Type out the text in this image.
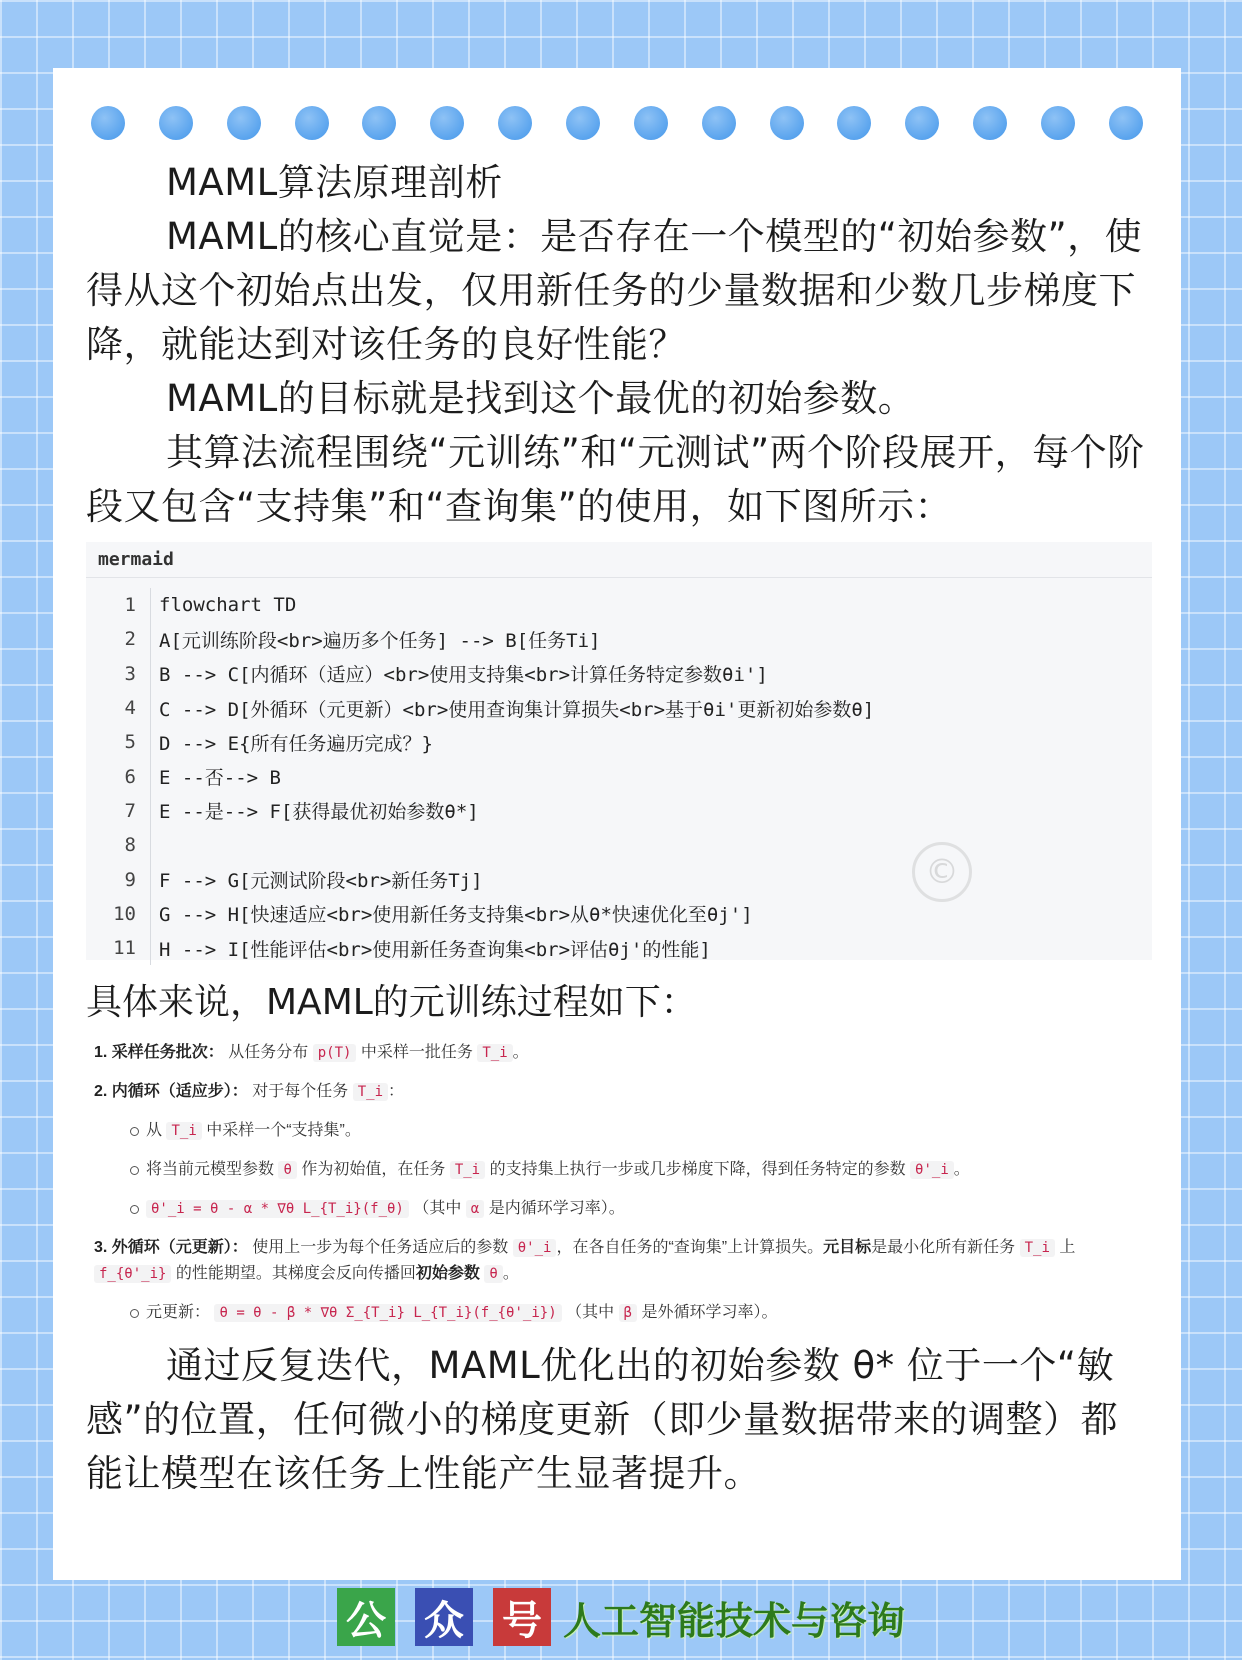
MAML算法原理剖析
MAML的核心直觉是：是否存在一个模型的“初始参数”，使得从这个初始点出发，仅用新任务的少量数据和少数几步梯度下降，就能达到对该任务的良好性能？
MAML的目标就是找到这个最优的初始参数。
其算法流程围绕“元训练”和“元测试”两个阶段展开，每个阶段又包含“支持集”和“查询集”的使用，如下图所示：
mermaid
1 flowchart TD
2 A[元训练阶段<br>遍历多个任务] --> B[任务Ti]
3 B --> C[内循环（适应）<br>使用支持集<br>计算任务特定参数θi']
4 C --> D[外循环（元更新）<br>使用查询集计算损失<br>基于θi'更新初始参数θ]
5 D --> E{所有任务遍历完成？}
6 E --否--> B
7 E --是--> F[获得最优初始参数θ*]
8
9 F --> G[元测试阶段<br>新任务Tj]
10 G --> H[快速适应<br>使用新任务支持集<br>从θ*快速优化至θj']
11 H --> I[性能评估<br>使用新任务查询集<br>评估θj'的性能]
©
具体来说，MAML的元训练过程如下：
1. 采样任务批次： 从任务分布 p(T) 中采样一批任务 T_i 。
2. 内循环（适应步）： 对于每个任务 T_i ：
从 T_i 中采样一个“支持集”。
将当前元模型参数 θ 作为初始值，在任务 T_i 的支持集上执行一步或几步梯度下降，得到任务特定的参数 θ'_i 。
θ'_i = θ - α * ∇θ L_{T_i}(f_θ) （其中 α 是内循环学习率）。
3. 外循环（元更新）： 使用上一步为每个任务适应后的参数 θ'_i ，在各自任务的“查询集”上计算损失。元目标是最小化所有新任务 T_i 上 f_{θ'_i} 的性能期望。其梯度会反向传播回初始参数 θ 。
元更新： θ = θ - β * ∇θ Σ_{T_i} L_{T_i}(f_{θ'_i}) （其中 β 是外循环学习率）。
通过反复迭代，MAML优化出的初始参数 θ* 位于一个“敏感”的位置，任何微小的梯度更新（即少量数据带来的调整）都能让模型在该任务上性能产生显著提升。
公 众 号 人工智能技术与咨询
